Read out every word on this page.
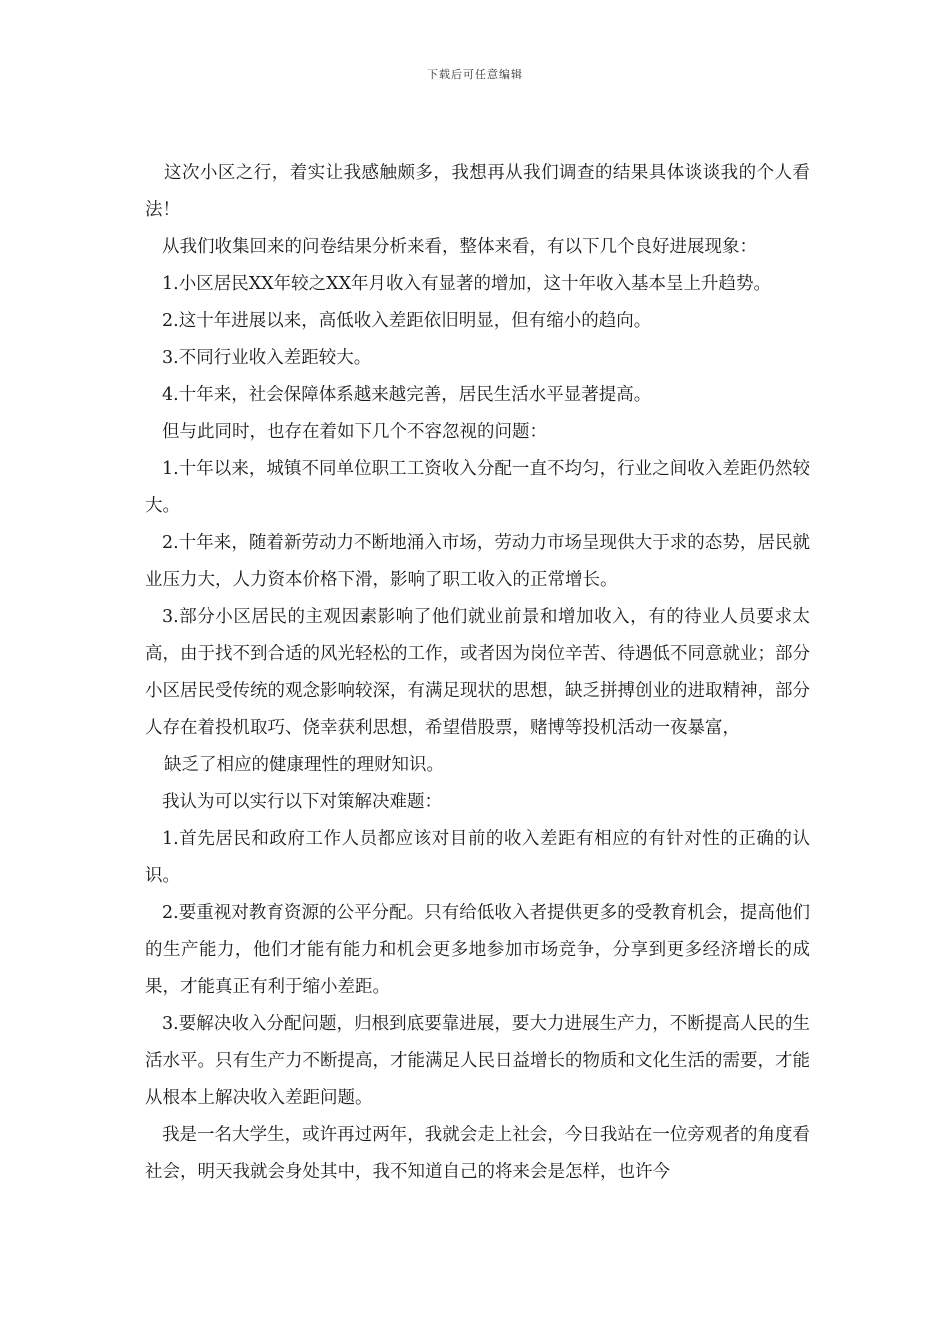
下载后可任意编辑

这次小区之行，着实让我感触颇多，我想再从我们调查的结果具体谈谈我的个人看法！

从我们收集回来的问卷结果分析来看，整体来看，有以下几个良好进展现象：

1.小区居民XX年较之XX年月收入有显著的增加，这十年收入基本呈上升趋势。

2.这十年进展以来，高低收入差距依旧明显，但有缩小的趋向。

3.不同行业收入差距较大。

4.十年来，社会保障体系越来越完善，居民生活水平显著提高。

但与此同时，也存在着如下几个不容忽视的问题：

1.十年以来，城镇不同单位职工工资收入分配一直不均匀，行业之间收入差距仍然较大。

2.十年来，随着新劳动力不断地涌入市场，劳动力市场呈现供大于求的态势，居民就业压力大，人力资本价格下滑，影响了职工收入的正常增长。

3.部分小区居民的主观因素影响了他们就业前景和增加收入，有的待业人员要求太高，由于找不到合适的风光轻松的工作，或者因为岗位辛苦、待遇低不同意就业；部分小区居民受传统的观念影响较深，有满足现状的思想，缺乏拼搏创业的进取精神，部分人存在着投机取巧、侥幸获利思想，希望借股票，赌博等投机活动一夜暴富，

缺乏了相应的健康理性的理财知识。

我认为可以实行以下对策解决难题：

1.首先居民和政府工作人员都应该对目前的收入差距有相应的有针对性的正确的认识。

2.要重视对教育资源的公平分配。只有给低收入者提供更多的受教育机会，提高他们的生产能力，他们才能有能力和机会更多地参加市场竞争，分享到更多经济增长的成果，才能真正有利于缩小差距。

3.要解决收入分配问题，归根到底要靠进展，要大力进展生产力，不断提高人民的生活水平。只有生产力不断提高，才能满足人民日益增长的物质和文化生活的需要，才能从根本上解决收入差距问题。

我是一名大学生，或许再过两年，我就会走上社会，今日我站在一位旁观者的角度看社会，明天我就会身处其中，我不知道自己的将来会是怎样，也许今
